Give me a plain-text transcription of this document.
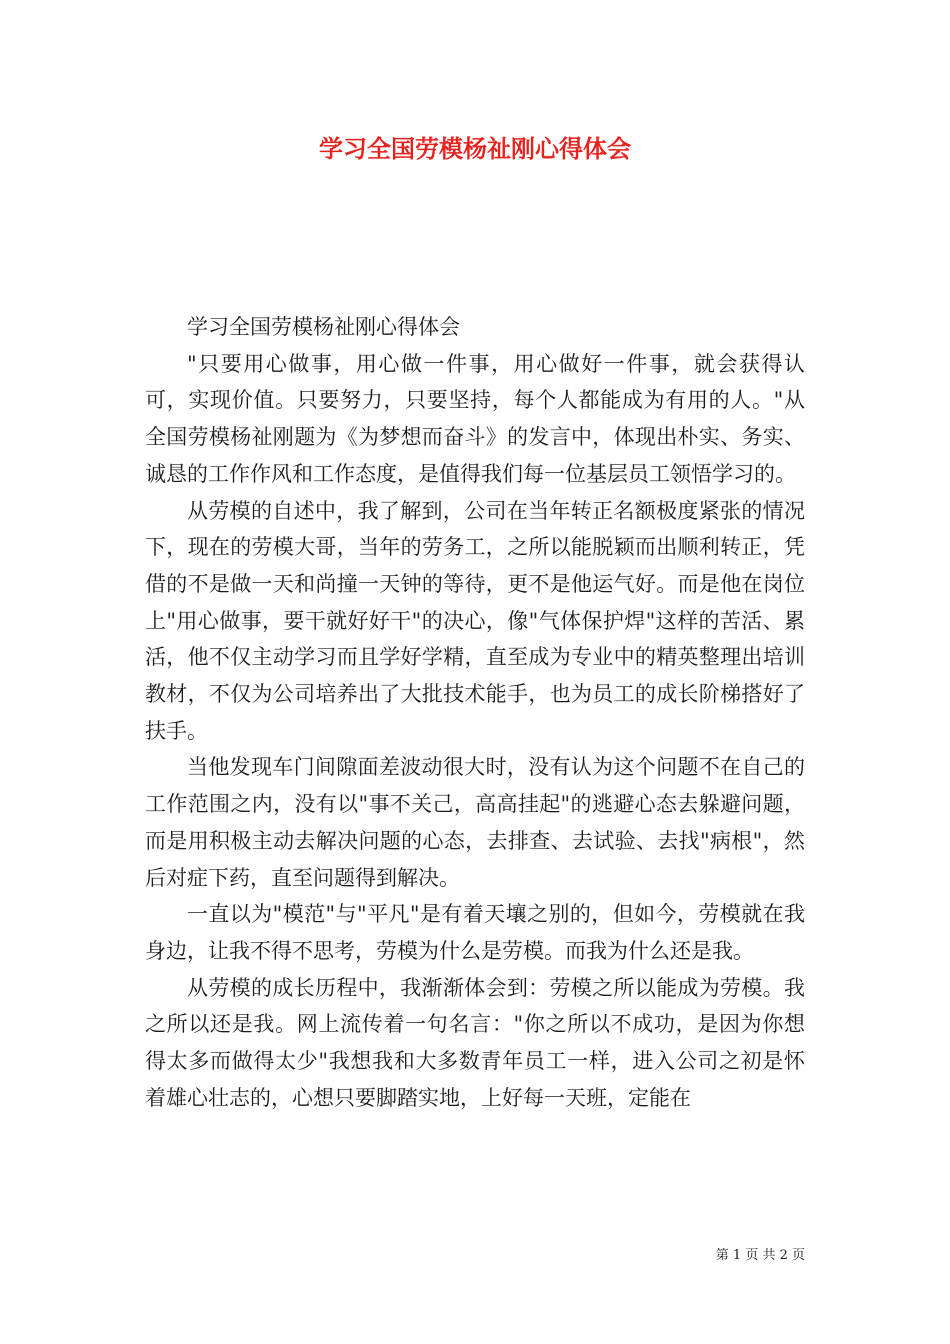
学习全国劳模杨祉刚心得体会

学习全国劳模杨祉刚心得体会

"只要用心做事，用心做一件事，用心做好一件事，就会获得认可，实现价值。只要努力，只要坚持，每个人都能成为有用的人。"从全国劳模杨祉刚题为《为梦想而奋斗》的发言中，体现出朴实、务实、诚恳的工作作风和工作态度，是值得我们每一位基层员工领悟学习的。

从劳模的自述中，我了解到，公司在当年转正名额极度紧张的情况下，现在的劳模大哥，当年的劳务工，之所以能脱颖而出顺利转正，凭借的不是做一天和尚撞一天钟的等待，更不是他运气好。而是他在岗位上"用心做事，要干就好好干"的决心，像"气体保护焊"这样的苦活、累活，他不仅主动学习而且学好学精，直至成为专业中的精英整理出培训教材，不仅为公司培养出了大批技术能手，也为员工的成长阶梯搭好了扶手。

当他发现车门间隙面差波动很大时，没有认为这个问题不在自己的工作范围之内，没有以"事不关己，高高挂起"的逃避心态去躲避问题，而是用积极主动去解决问题的心态，去排查、去试验、去找"病根"，然后对症下药，直至问题得到解决。

一直以为"模范"与"平凡"是有着天壤之别的，但如今，劳模就在我身边，让我不得不思考，劳模为什么是劳模。而我为什么还是我。

从劳模的成长历程中，我渐渐体会到：劳模之所以能成为劳模。我之所以还是我。网上流传着一句名言："你之所以不成功，是因为你想得太多而做得太少"我想我和大多数青年员工一样，进入公司之初是怀着雄心壮志的，心想只要脚踏实地，上好每一天班，定能在

第 1 页 共 2 页
